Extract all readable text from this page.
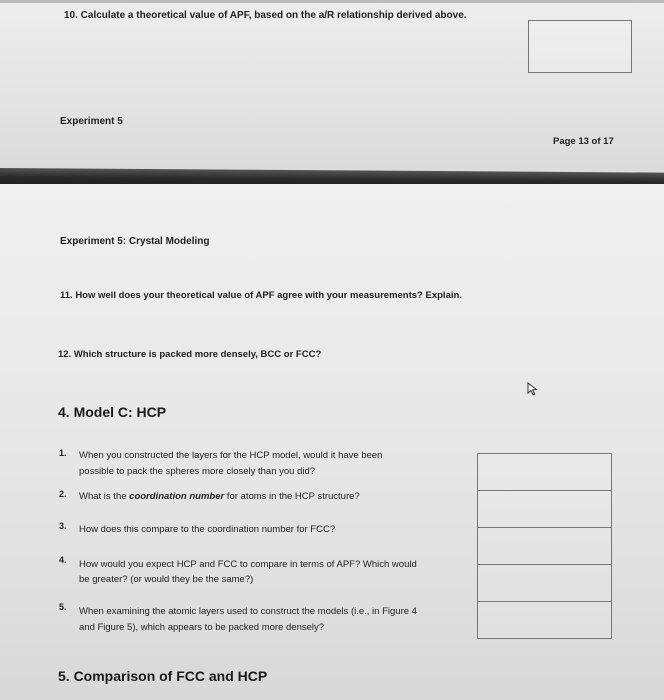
10. Calculate a theoretical value of APF, based on the a/R relationship derived above.
Experiment 5
Page 13 of 17
Experiment 5: Crystal Modeling
11. How well does your theoretical value of APF agree with your measurements? Explain.
12. Which structure is packed more densely, BCC or FCC?
4. Model C: HCP
1. When you constructed the layers for the HCP model, would it have been
possible to pack the spheres more closely than you did?
2. What is the coordination number for atoms in the HCP structure?
3. How does this compare to the coordination number for FCC?
4. How would you expect HCP and FCC to compare in terms of APF? Which would
be greater? (or would they be the same?)
5. When examining the atomic layers used to construct the models (i.e., in Figure 4
and Figure 5), which appears to be packed more densely?
5. Comparison of FCC and HCP
